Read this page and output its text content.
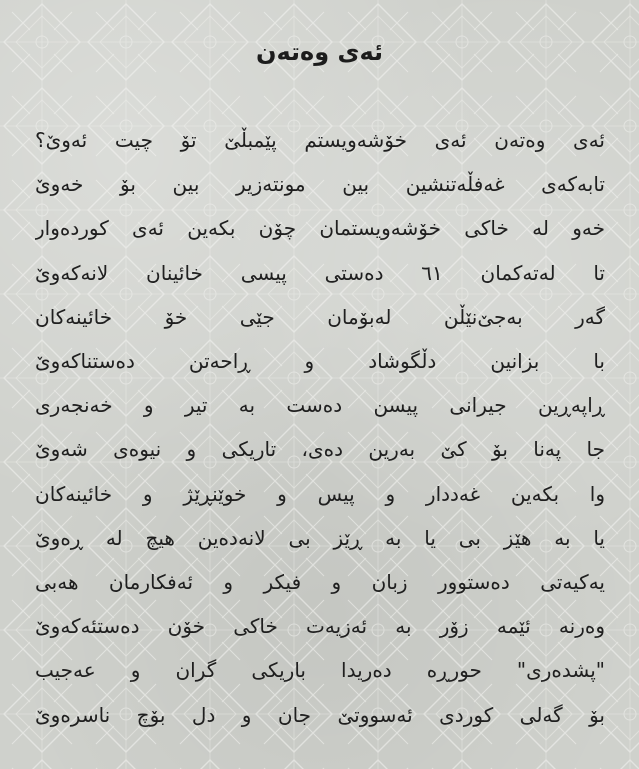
ئەی وەتەن
ئەی وەتەن ئەی خۆشەویستم پێمبڵێ تۆ چیت ئەوێ؟
تابەکەی غەفڵەتنشین بین مونتەزیر بین بۆ خەوێ
خەو لە خاکی خۆشەویستمان چۆن بکەین ئەی کوردەوار
تا لەتەکمان ٦١ دەستی پیسی خائینان لانەکەوێ
گەر بەجێ‌نێڵن لەبۆمان جێی خۆ خائینەکان
با بزانین دڵگوشاد و ڕاحەتن دەستناکەوێ
ڕاپەڕین جیرانی پیسن دەست بە تیر و خەنجەری
جا پەنا بۆ کێ بەرین دەی، تاریکی و نیوەی شەوێ
وا بکەین غەددار و پیس و خوێنڕێژ و خائینەکان
یا بە هێز بی یا بە ڕێز بی لانەدەین هیچ لە ڕەوێ
یەکیەتی دەستوور زبان و فیکر و ئەفکارمان هەبی
وەرنە ئێمە زۆر بە ئەزیەت خاکی خۆن دەستئەکەوێ
"پشدەری" حورڕە دەریدا باریکی گران و عەجیب
بۆ گەلی کوردی ئەسووتێ جان و دل بۆچ ناسرەوێ
